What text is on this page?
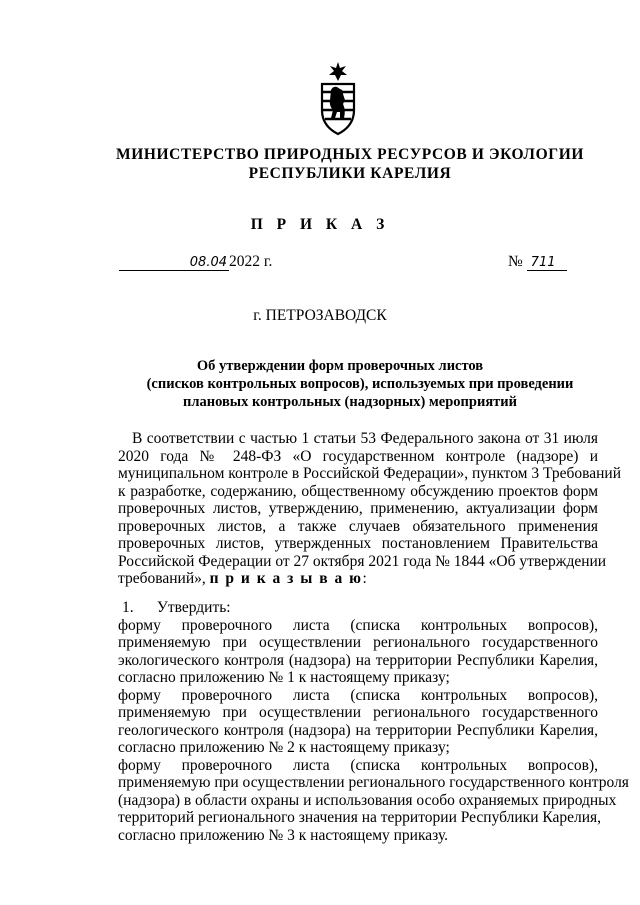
МИНИСТЕРСТВО ПРИРОДНЫХ РЕСУРСОВ И ЭКОЛОГИИ
РЕСПУБЛИКИ КАРЕЛИЯ
П Р И К А З
08.04 2022 г.	№ 711
г. ПЕТРОЗАВОДСК
Об утверждении форм проверочных листов
(списков контрольных вопросов), используемых при проведении
плановых контрольных (надзорных) мероприятий
В соответствии с частью 1 статьи 53 Федерального закона от 31 июля
2020 года № 248-ФЗ «О государственном контроле (надзоре) и
муниципальном контроле в Российской Федерации», пунктом 3 Требований
к разработке, содержанию, общественному обсуждению проектов форм
проверочных листов, утверждению, применению, актуализации форм
проверочных листов, а также случаев обязательного применения
проверочных листов, утвержденных постановлением Правительства
Российской Федерации от 27 октября 2021 года № 1844 «Об утверждении
требований», п р и к а з ы в а ю:
1.      Утвердить:
форму проверочного листа (списка контрольных вопросов),
применяемую при осуществлении регионального государственного
экологического контроля (надзора) на территории Республики Карелия,
согласно приложению № 1 к настоящему приказу;
форму проверочного листа (списка контрольных вопросов),
применяемую при осуществлении регионального государственного
геологического контроля (надзора) на территории Республики Карелия,
согласно приложению № 2 к настоящему приказу;
форму проверочного листа (списка контрольных вопросов),
применяемую при осуществлении регионального государственного контроля
(надзора) в области охраны и использования особо охраняемых природных
территорий регионального значения на территории Республики Карелия,
согласно приложению № 3 к настоящему приказу.
